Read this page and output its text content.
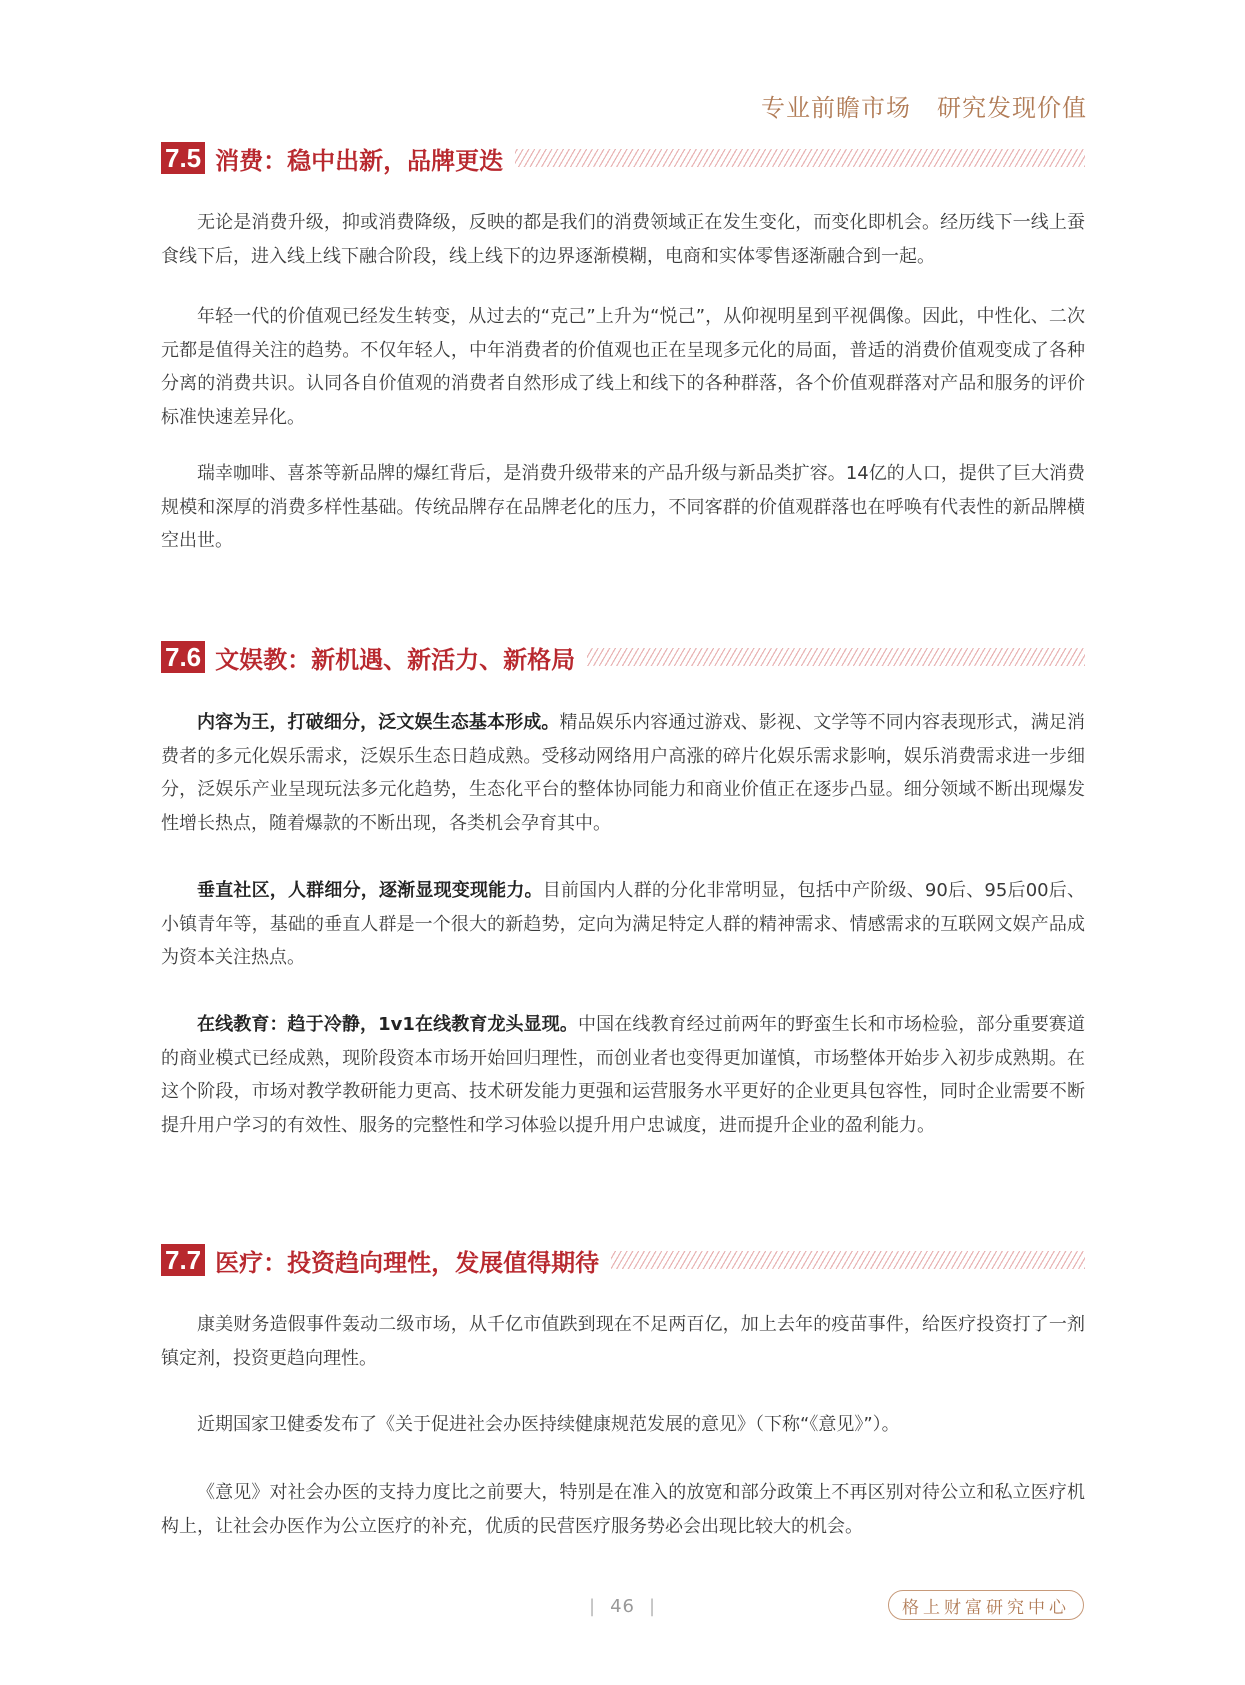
专业前瞻市场 研究发现价值
7.5 消费：稳中出新，品牌更迭

无论是消费升级，抑或消费降级，反映的都是我们的消费领域正在发生变化，而变化即机会。经历线下一线上蚕食线下后，进入线上线下融合阶段，线上线下的边界逐渐模糊，电商和实体零售逐渐融合到一起。

年轻一代的价值观已经发生转变，从过去的“克己”上升为“悦己”，从仰视明星到平视偶像。因此，中性化、二次元都是值得关注的趋势。不仅年轻人，中年消费者的价值观也正在呈现多元化的局面，普适的消费价值观变成了各种分离的消费共识。认同各自价值观的消费者自然形成了线上和线下的各种群落，各个价值观群落对产品和服务的评价标准快速差异化。

瑞幸咖啡、喜茶等新品牌的爆红背后，是消费升级带来的产品升级与新品类扩容。14亿的人口，提供了巨大消费规模和深厚的消费多样性基础。传统品牌存在品牌老化的压力，不同客群的价值观群落也在呼唤有代表性的新品牌横空出世。

7.6 文娱教：新机遇、新活力、新格局

内容为王，打破细分，泛文娱生态基本形成。精品娱乐内容通过游戏、影视、文学等不同内容表现形式，满足消费者的多元化娱乐需求，泛娱乐生态日趋成熟。受移动网络用户高涨的碎片化娱乐需求影响，娱乐消费需求进一步细分，泛娱乐产业呈现玩法多元化趋势，生态化平台的整体协同能力和商业价值正在逐步凸显。细分领域不断出现爆发性增长热点，随着爆款的不断出现，各类机会孕育其中。

垂直社区，人群细分，逐渐显现变现能力。目前国内人群的分化非常明显，包括中产阶级、90后、95后00后、小镇青年等，基础的垂直人群是一个很大的新趋势，定向为满足特定人群的精神需求、情感需求的互联网文娱产品成为资本关注热点。

在线教育：趋于冷静，1v1在线教育龙头显现。中国在线教育经过前两年的野蛮生长和市场检验，部分重要赛道的商业模式已经成熟，现阶段资本市场开始回归理性，而创业者也变得更加谨慎，市场整体开始步入初步成熟期。在这个阶段，市场对教学教研能力更高、技术研发能力更强和运营服务水平更好的企业更具包容性，同时企业需要不断提升用户学习的有效性、服务的完整性和学习体验以提升用户忠诚度，进而提升企业的盈利能力。

7.7 医疗：投资趋向理性，发展值得期待

康美财务造假事件轰动二级市场，从千亿市值跌到现在不足两百亿，加上去年的疫苗事件，给医疗投资打了一剂镇定剂，投资更趋向理性。

近期国家卫健委发布了《关于促进社会办医持续健康规范发展的意见》（下称“《意见》”）。

《意见》对社会办医的支持力度比之前要大，特别是在准入的放宽和部分政策上不再区别对待公立和私立医疗机构上，让社会办医作为公立医疗的补充，优质的民营医疗服务势必会出现比较大的机会。

| 46 |	格上财富研究中心
